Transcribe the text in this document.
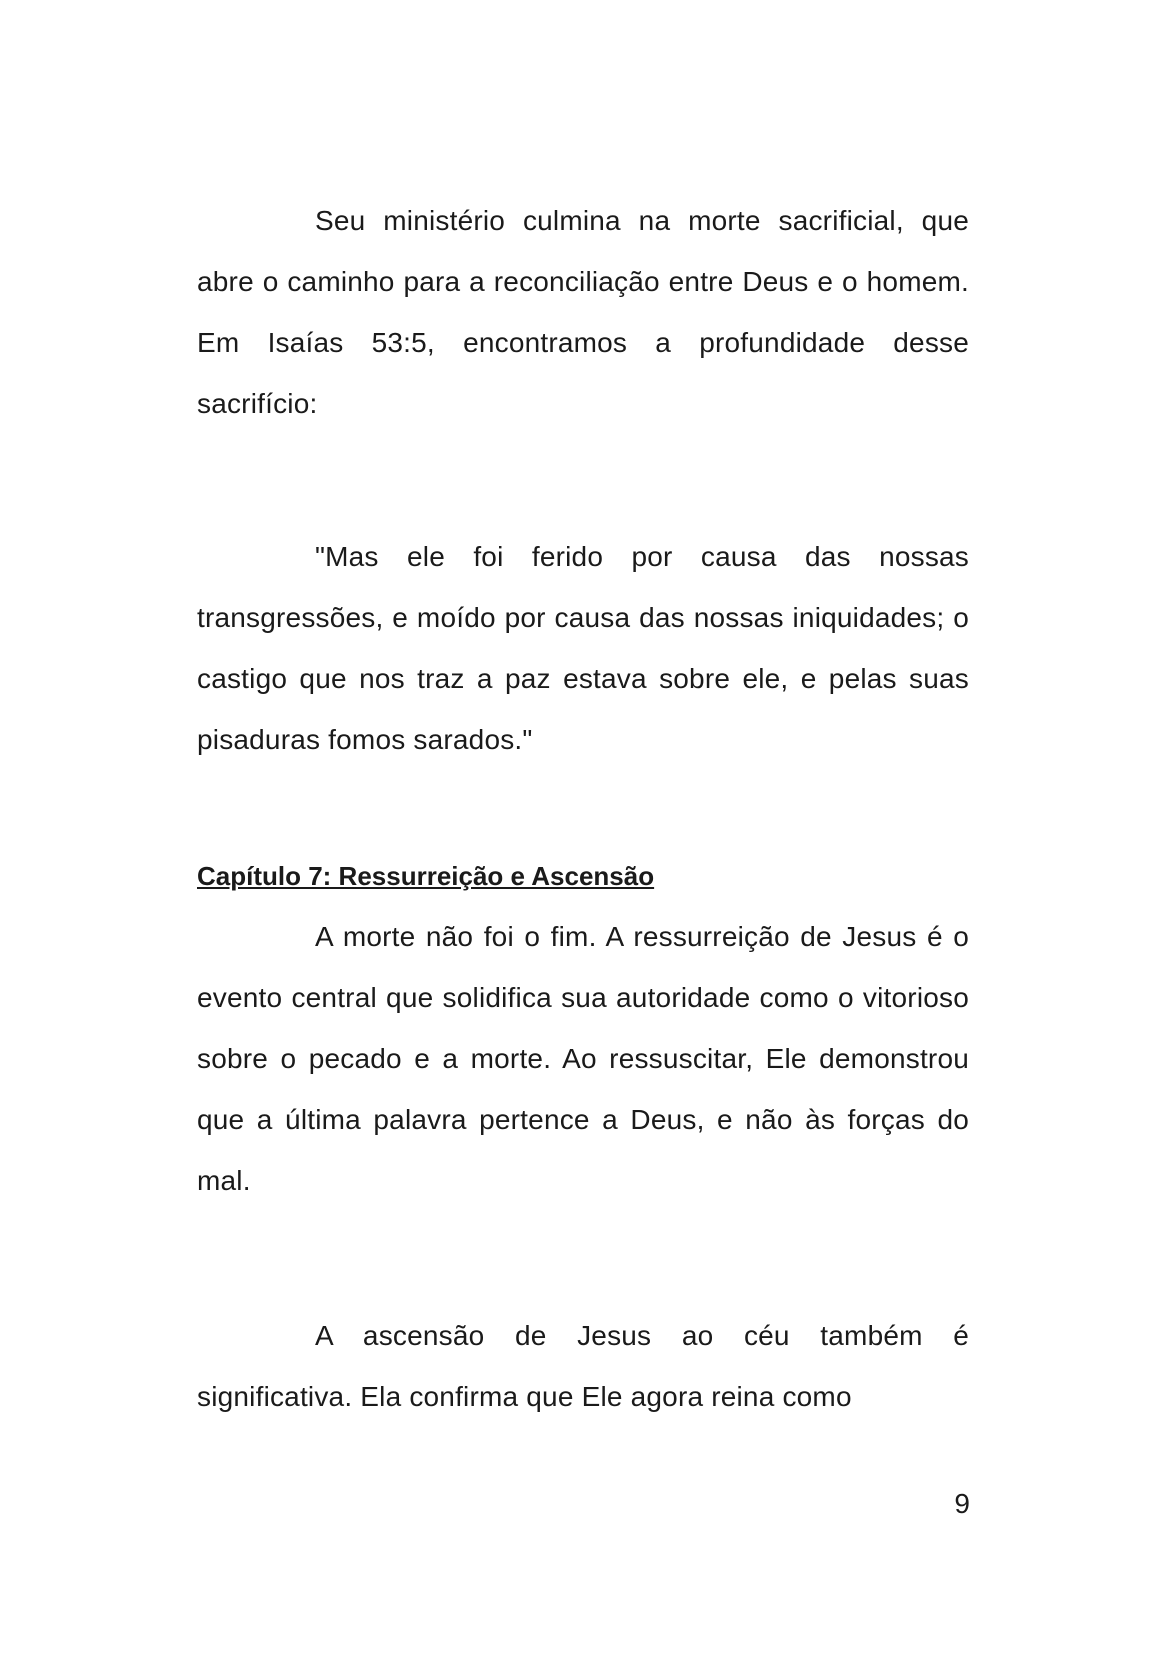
Seu ministério culmina na morte sacrificial, que abre o caminho para a reconciliação entre Deus e o homem. Em Isaías 53:5, encontramos a profundidade desse sacrifício:

"Mas ele foi ferido por causa das nossas transgressões, e moído por causa das nossas iniquidades; o castigo que nos traz a paz estava sobre ele, e pelas suas pisaduras fomos sarados."

Capítulo 7: Ressurreição e Ascensão

A morte não foi o fim. A ressurreição de Jesus é o evento central que solidifica sua autoridade como o vitorioso sobre o pecado e a morte. Ao ressuscitar, Ele demonstrou que a última palavra pertence a Deus, e não às forças do mal.

A ascensão de Jesus ao céu também é significativa. Ela confirma que Ele agora reina como

9
